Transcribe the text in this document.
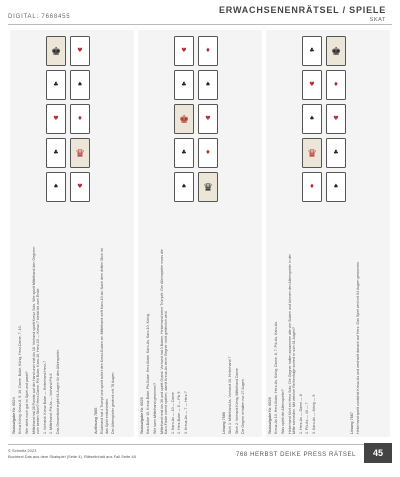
DIGITAL: 7668455
ERWACHSENENRÄTSEL / SPIELE
SKAT
Skataufgabe Nr. 6924 Kreuz König: Kreuz-8, 9, 10, Dame, Bube, König, Herz-Dame, 7, 10. Wer steht noch gut im Spiel und passt? Mittelhand hat 28 Punkte auf der Hand und reizt bis 18. Vorhand spielt Kreuz Solo. Wie spielt Mittelhand den Gegnern zum besten Stich? Herz-Dame, Pik Bube, Karo-10, Herz-10 — Kreuz-7 bleibt bis zum Ende. 1. Vorhand: Kreuz Bube — Hinterhand Herz-7 2. Mittelhand: Pik As — Vorhand Pik 8 Das Gesamtbild ergibt 61 Augen für den Alleinspieler.	Auflösung 7665 Rückhand hat 4 Trumpf und spielt sofort den Kreuz-Buben an. Mittelhand wirft Karo-10 ab. Nach dem dritten Stich ist das Spiel entschieden. Der Alleinspieler gewinnt mit 78 Augen.
♚	♥
♣	♠
♥	♦
♣ ♛
♠	♥
Skataufgabe Nr. 6925 Karo-Bube 10, Kreuz-Bube, Pik-Bube, Herz-Bube, Karo-As, Karo-10, König. Wie kann Mittelhand gewinnen? Mittelhand reizt bis 36 und spielt Grand. Vorhand hat 3 Buben, Hinterhand keine Trümpfe. Der Alleinspieler muss die Karo-Farbe zuerst spielen, damit Kreuz-As beim Gegner nicht gefährlich wird. 1. Karo-As — 10 — Dame 2. Herz-Bube — 8 — Pik 9 3. Kreuz-As — 7 — Herz-7	Lösung 7666 Stich 1: Mittelhand As, Vorhand 10, Hinterhand 7 Stich 2: Vorhand König, Mittelhand Dame Die Gegner erhalten nur 27 Augen.
♥	♦
♣	♠
♚	♥
♣	♦
♠ ♛
Skataufgabe Nr. 6926 Kreuz-As 10, Herz-Bube, Herz-As, König, Dame, 8, 7, Pik-As, Karo-As. Was spielt der Alleinspieler? Hinterhand führt ein Herz Solo. Die Gegner halten zusammen alle vier Buben und können den Alleinspieler in der Mitte schneiden. Mit welcher Reihenfolge sichert er sich 61 Augen? 1. Herz-As — Dame — 8 2. Pik-As — 10 — 7 3. Karo-As — König — 9	Lösung 7667 Hinterhand spielt zunächst Kreuz-As und wechselt danach auf Herz. Das Spiel wird mit 64 Augen gewonnen.
♣ ♚
♥	♦
♠	♥
♛	♣
♦	♠
© Schmitz 2023
Buchtext Das aus dem Skatspiel (Seite 4). Rätselinhalt aus Fall Seite 48	768 HERBST DEIKE PRESS RÄTSEL	45
